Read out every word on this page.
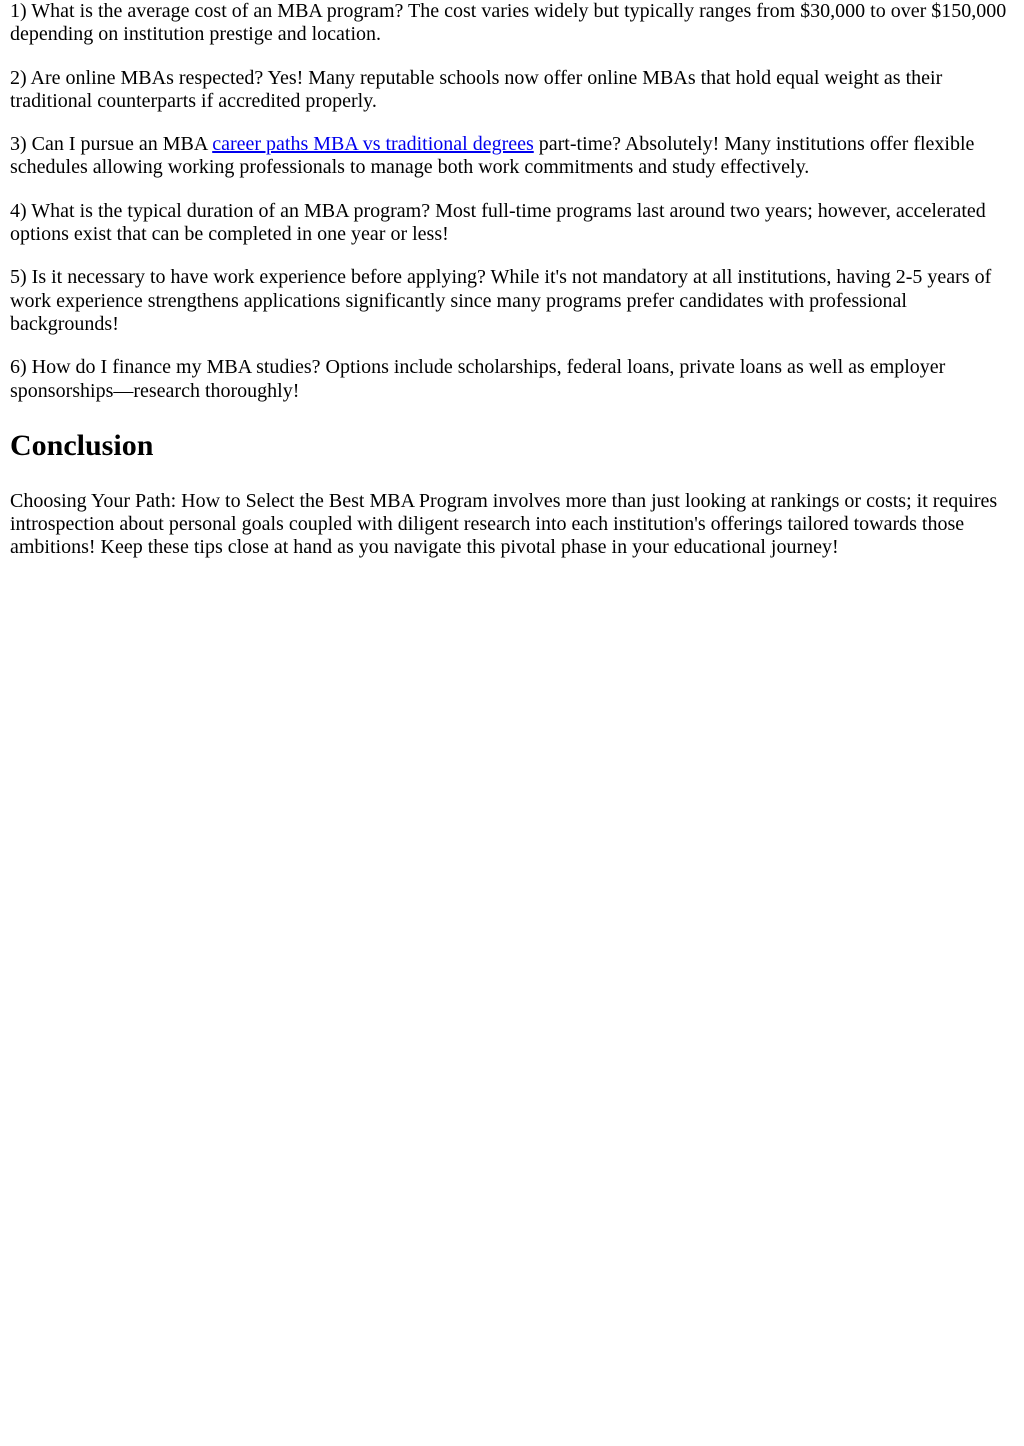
1) What is the average cost of an MBA program? The cost varies widely but typically ranges from $30,000 to over $150,000 depending on institution prestige and location.

2) Are online MBAs respected? Yes! Many reputable schools now offer online MBAs that hold equal weight as their traditional counterparts if accredited properly.

3) Can I pursue an MBA career paths MBA vs traditional degrees part-time? Absolutely! Many institutions offer flexible schedules allowing working professionals to manage both work commitments and study effectively.

4) What is the typical duration of an MBA program? Most full-time programs last around two years; however, accelerated options exist that can be completed in one year or less!

5) Is it necessary to have work experience before applying? While it's not mandatory at all institutions, having 2-5 years of work experience strengthens applications significantly since many programs prefer candidates with professional backgrounds!

6) How do I finance my MBA studies? Options include scholarships, federal loans, private loans as well as employer sponsorships—research thoroughly!

Conclusion

Choosing Your Path: How to Select the Best MBA Program involves more than just looking at rankings or costs; it requires introspection about personal goals coupled with diligent research into each institution's offerings tailored towards those ambitions! Keep these tips close at hand as you navigate this pivotal phase in your educational journey!
